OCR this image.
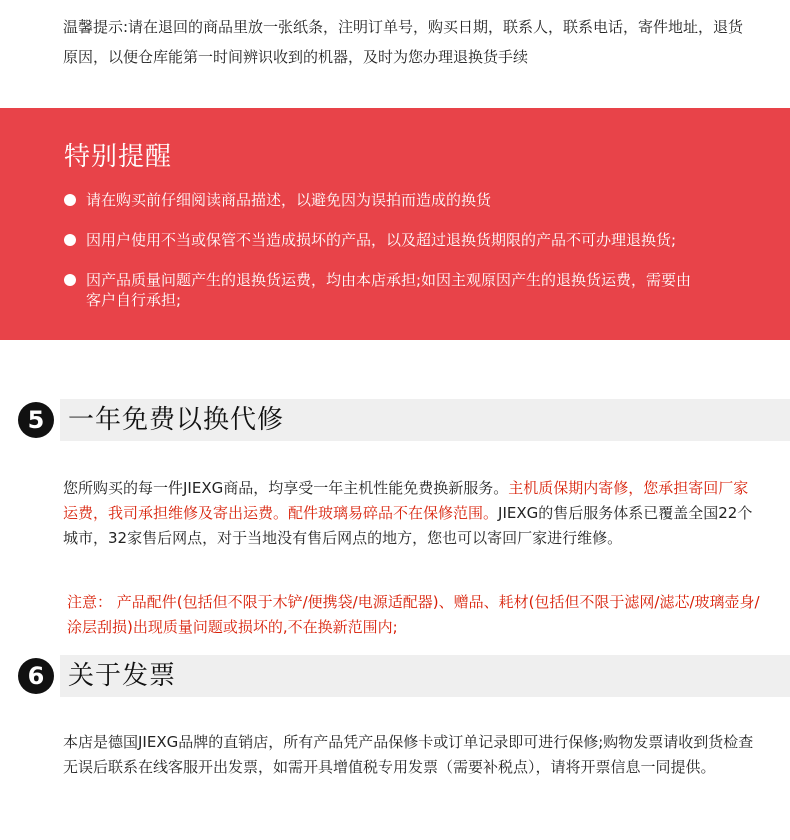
温馨提示:请在退回的商品里放一张纸条，注明订单号，购买日期，联系人，联系电话，寄件地址，退货原因，以便仓库能第一时间辨识收到的机器，及时为您办理退换货手续
特别提醒
请在购买前仔细阅读商品描述，以避免因为误拍而造成的换货
因用户使用不当或保管不当造成损坏的产品，以及超过退换货期限的产品不可办理退换货;
因产品质量问题产生的退换货运费，均由本店承担;如因主观原因产生的退换货运费，需要由客户自行承担;
5 一年免费以换代修

您所购买的每一件JIEXG商品，均享受一年主机性能免费换新服务。主机质保期内寄修，您承担寄回厂家运费，我司承担维修及寄出运费。配件玻璃易碎品不在保修范围。JIEXG的售后服务体系已覆盖全国22个城市，32家售后网点，对于当地没有售后网点的地方，您也可以寄回厂家进行维修。

注意： 产品配件(包括但不限于木铲/便携袋/电源适配器)、赠品、耗材(包括但不限于滤网/滤芯/玻璃壶身/涂层刮损)出现质量问题或损坏的,不在换新范围内;

6 关于发票

本店是德国JIEXG品牌的直销店，所有产品凭产品保修卡或订单记录即可进行保修;购物发票请收到货检查无误后联系在线客服开出发票，如需开具增值税专用发票（需要补税点），请将开票信息一同提供。
